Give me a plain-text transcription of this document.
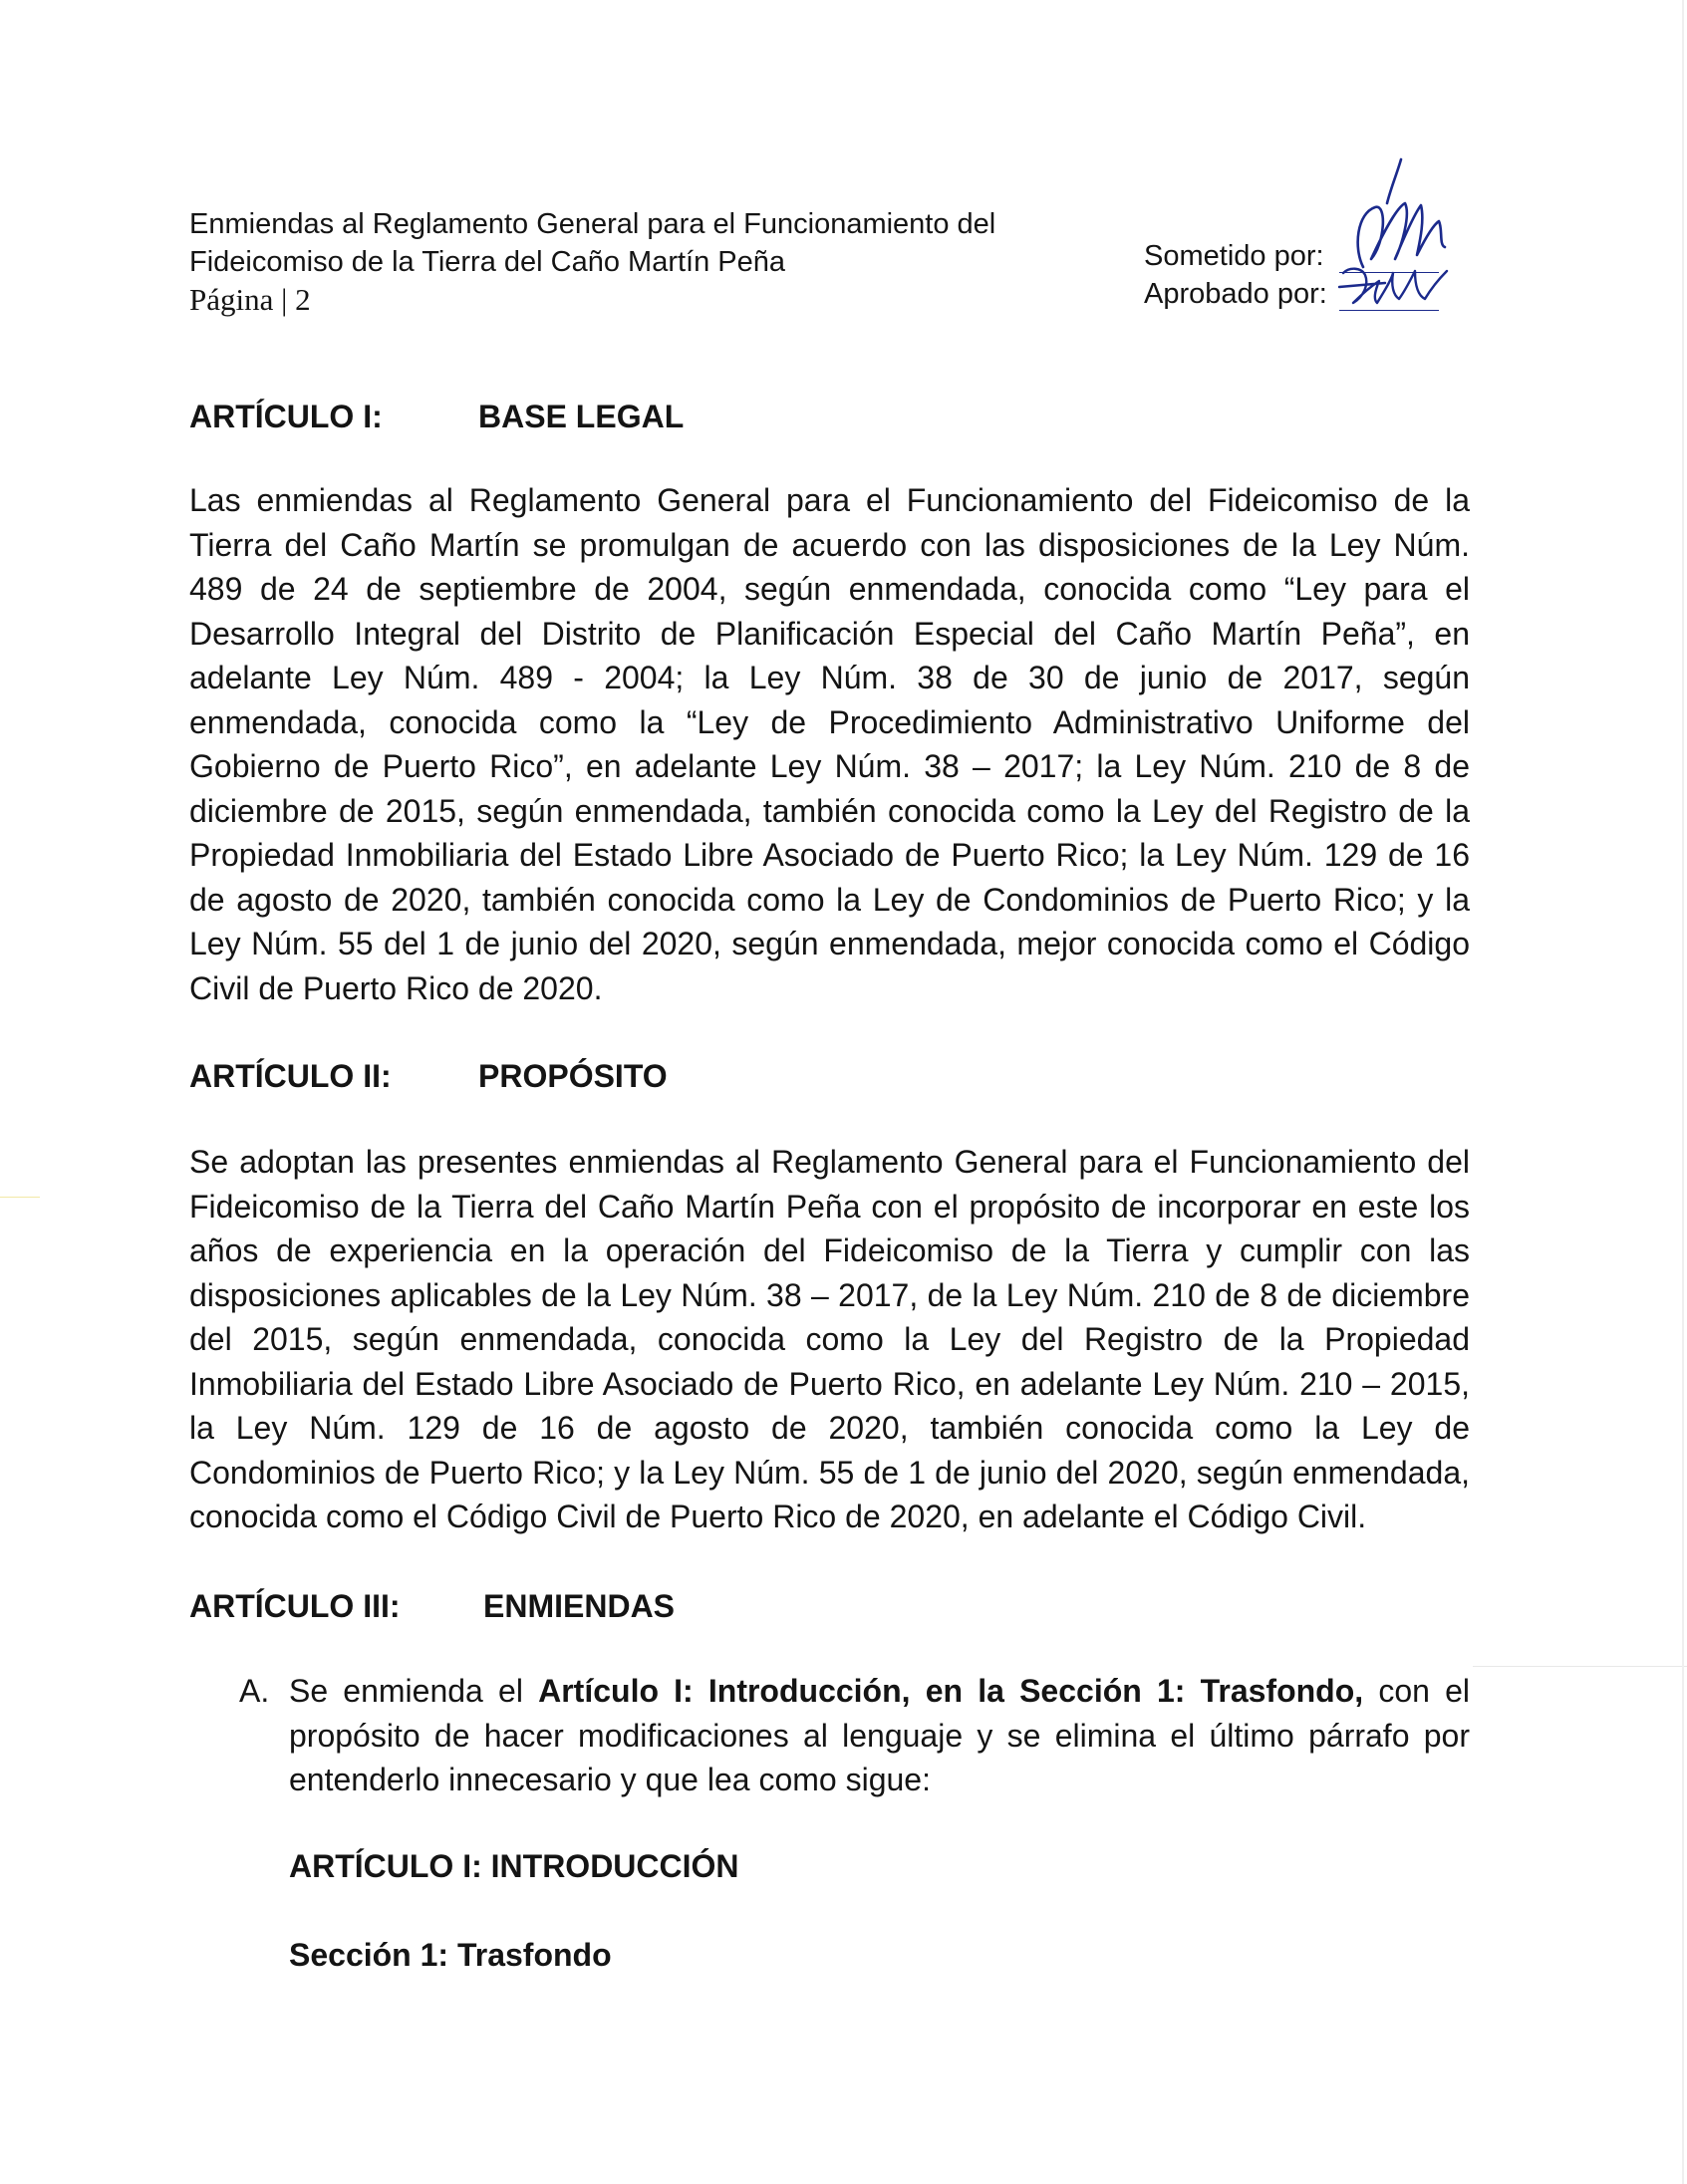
Enmiendas al Reglamento General para el Funcionamiento del
Fideicomiso de la Tierra del Caño Martín Peña
Página | 2
Sometido por:
Aprobado por:
ARTÍCULO I:	BASE LEGAL
Las enmiendas al Reglamento General para el Funcionamiento del Fideicomiso de la Tierra del Caño Martín se promulgan de acuerdo con las disposiciones de la Ley Núm. 489 de 24 de septiembre de 2004, según enmendada, conocida como “Ley para el Desarrollo Integral del Distrito de Planificación Especial del Caño Martín Peña”, en adelante Ley Núm. 489 - 2004; la Ley Núm. 38 de 30 de junio de 2017, según enmendada, conocida como la “Ley de Procedimiento Administrativo Uniforme del Gobierno de Puerto Rico”, en adelante Ley Núm. 38 – 2017; la Ley Núm. 210 de 8 de diciembre de 2015, según enmendada, también conocida como la Ley del Registro de la Propiedad Inmobiliaria del Estado Libre Asociado de Puerto Rico; la Ley Núm. 129 de 16 de agosto de 2020, también conocida como la Ley de Condominios de Puerto Rico; y la Ley Núm. 55 del 1 de junio del 2020, según enmendada, mejor conocida como el Código Civil de Puerto Rico de 2020.
ARTÍCULO II:	PROPÓSITO
Se adoptan las presentes enmiendas al Reglamento General para el Funcionamiento del Fideicomiso de la Tierra del Caño Martín Peña con el propósito de incorporar en este los años de experiencia en la operación del Fideicomiso de la Tierra y cumplir con las disposiciones aplicables de la Ley Núm. 38 – 2017, de la Ley Núm. 210 de 8 de diciembre del 2015, según enmendada, conocida como la Ley del Registro de la Propiedad Inmobiliaria del Estado Libre Asociado de Puerto Rico, en adelante Ley Núm. 210 – 2015, la Ley Núm. 129 de 16 de agosto de 2020, también conocida como la Ley de Condominios de Puerto Rico; y la Ley Núm. 55 de 1 de junio del 2020, según enmendada, conocida como el Código Civil de Puerto Rico de 2020, en adelante el Código Civil.
ARTÍCULO III:	ENMIENDAS
A. Se enmienda el Artículo I: Introducción, en la Sección 1: Trasfondo, con el propósito de hacer modificaciones al lenguaje y se elimina el último párrafo por entenderlo innecesario y que lea como sigue:
ARTÍCULO I: INTRODUCCIÓN
Sección 1: Trasfondo
